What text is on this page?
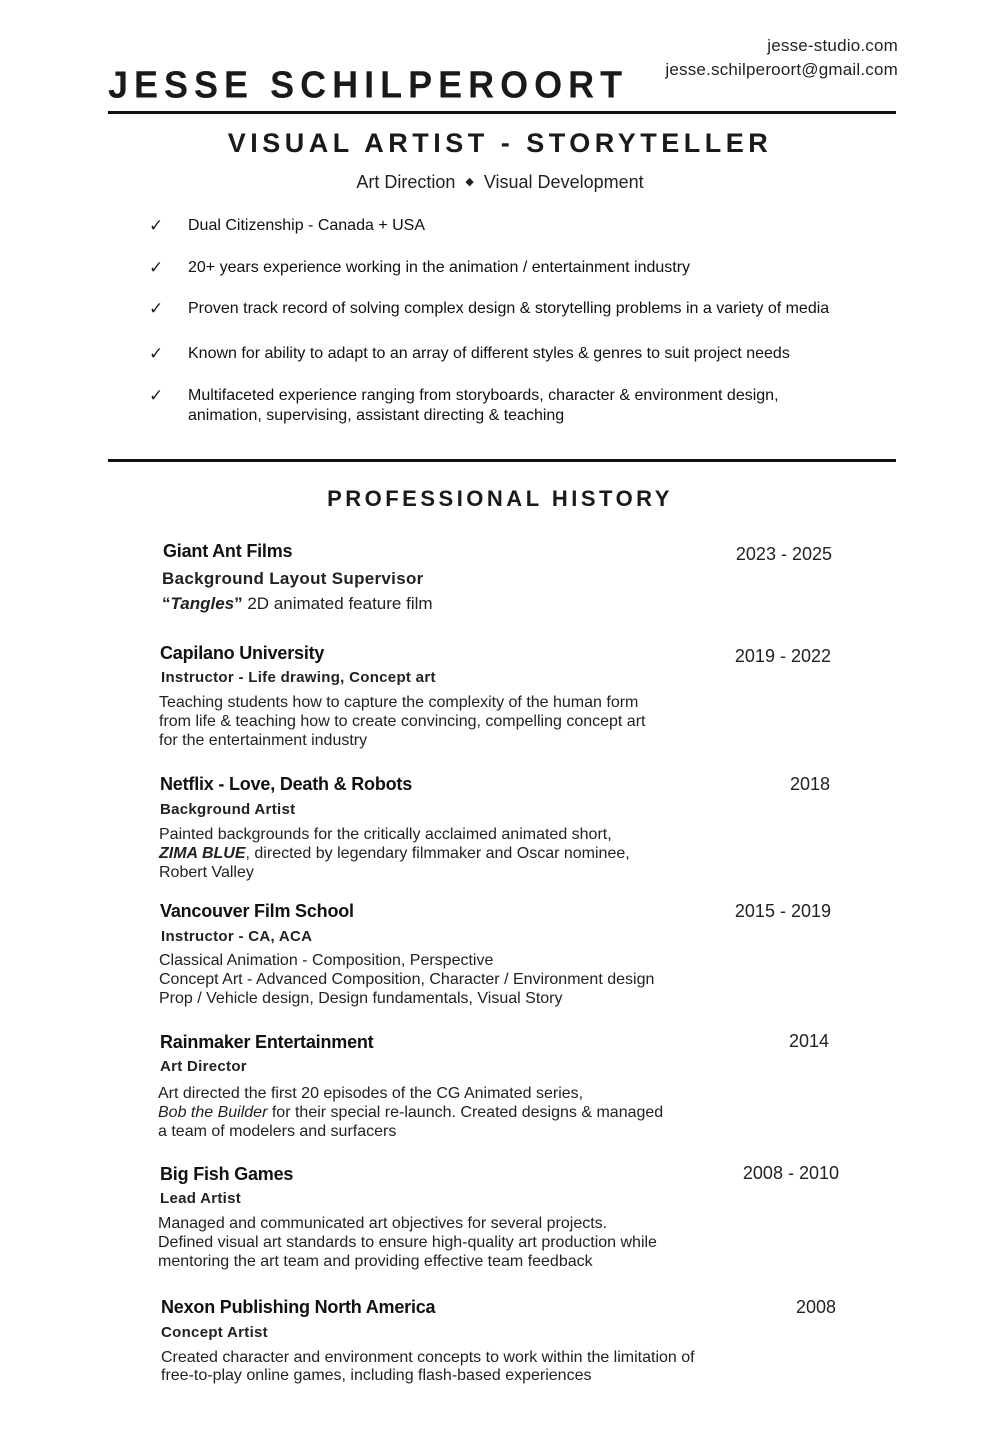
jesse-studio.com
jesse.schilperoort@gmail.com
JESSE SCHILPEROORT
VISUAL ARTIST - STORYTELLER
Art Direction ◆ Visual Development
✓ Dual Citizenship - Canada + USA
✓ 20+ years experience working in the animation / entertainment industry
✓ Proven track record of solving complex design & storytelling problems in a variety of media
✓ Known for ability to adapt to an array of different styles & genres to suit project needs
✓ Multifaceted experience ranging from storyboards, character & environment design,
animation, supervising, assistant directing & teaching
PROFESSIONAL HISTORY
Giant Ant Films	2023 - 2025
Background Layout Supervisor
“Tangles” 2D animated feature film
Capilano University	2019 - 2022
Instructor - Life drawing, Concept art
Teaching students how to capture the complexity of the human form
from life & teaching how to create convincing, compelling concept art
for the entertainment industry
Netflix - Love, Death & Robots	2018
Background Artist
Painted backgrounds for the critically acclaimed animated short,
ZIMA BLUE, directed by legendary filmmaker and Oscar nominee,
Robert Valley
Vancouver Film School	2015 - 2019
Instructor - CA, ACA
Classical Animation - Composition, Perspective
Concept Art - Advanced Composition, Character / Environment design
Prop / Vehicle design, Design fundamentals, Visual Story
Rainmaker Entertainment	2014
Art Director
Art directed the first 20 episodes of the CG Animated series,
Bob the Builder for their special re-launch. Created designs & managed
a team of modelers and surfacers
Big Fish Games	2008 - 2010
Lead Artist
Managed and communicated art objectives for several projects.
Defined visual art standards to ensure high-quality art production while
mentoring the art team and providing effective team feedback
Nexon Publishing North America	2008
Concept Artist
Created character and environment concepts to work within the limitation of
free-to-play online games, including flash-based experiences
